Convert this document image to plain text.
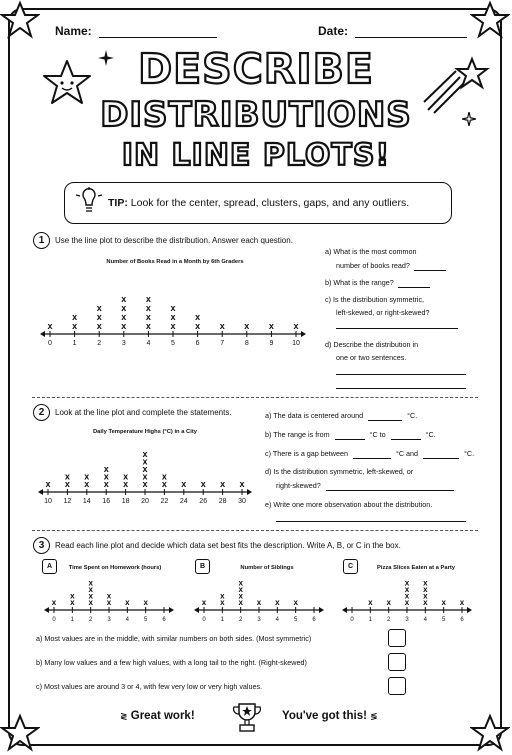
Name:	Date:
DESCRIBE
DISTRIBUTIONS
IN LINE PLOTS!
TIP: Look for the center, spread, clusters, gaps, and any outliers.
1	Use the line plot to describe the distribution. Answer each question.
Number of Books Read in a Month by 6th Graders
0
x
1
x
x
2
x
x
x
3
x
x
x
x
4
x
x
x
x
5
x
x
x
6
x
x
7
x
8
x
9
x
10
x
a) What is the most common
number of books read?
b) What is the range?
c) Is the distribution symmetric,
left-skewed, or right-skewed?
d) Describe the distribution in
one or two sentences.
2	Look at the line plot and complete the statements.
Daily Temperature Highs (°C) in a City
10
x
12
x
x
14
x
x
16
x
x
x
18
x
x
20
x
x
x
x
x
22
x
x
24
x
26
x
28
x
30
x
a) The data is centered around	°C.
b) The range is from	°C to	°C.
c) There is a gap between	°C and	°C.
d) Is the distribution symmetric, left-skewed, or
right-skewed?
e) Write one more observation about the distribution.
3	Read each line plot and decide which data set best fits the description. Write A, B, or C in the box.
A	Time Spent on Homework (hours)
0
x
1
x
x
2
x
x
x
x
3
x
x
4
x
5
x
6
B	Number of Siblings
0
x
1
x
x
2
x
x
x
x
3
x
4
x
5
x
6
C	Pizza Slices Eaten at a Party
0 1
x
2
x
3
x
x
x
x
4
x
x
x
x
5
x
6
x
a) Most values are in the middle, with similar numbers on both sides. (Most symmetric)
b) Many low values and a few high values, with a long tail to the right. (Right-skewed)
c) Most values are around 3 or 4, with few very low or very high values.
≷ Great work!	You've got this! ≶
